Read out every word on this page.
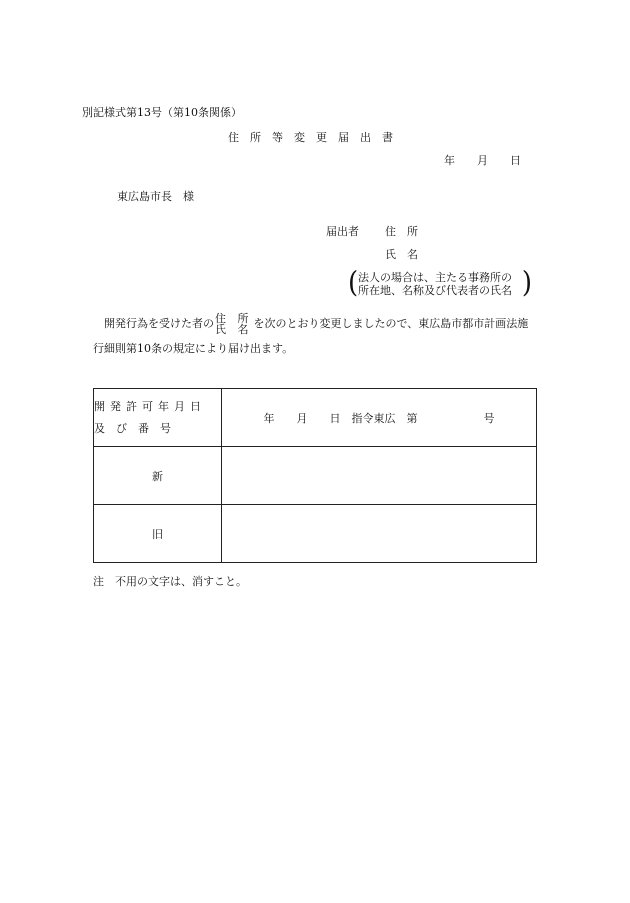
別記様式第13号（第10条関係）
住所等変更届出書
年　　月　　日
東広島市長　様
届出者 住　所
氏　名
( 法人の場合は、主たる事務所の
所在地、名称及び代表者の氏名 )
開発行為を受けた者の 住 所
氏 名 を次のとおり変更しましたので、東広島市都市計画法施
行細則第10条の規定により届け出ます。
開発許可年月日
及　び　番　号	年　　月　　日　指令東広　第　　　　　　号
新	
旧	
注　不用の文字は、消すこと。
